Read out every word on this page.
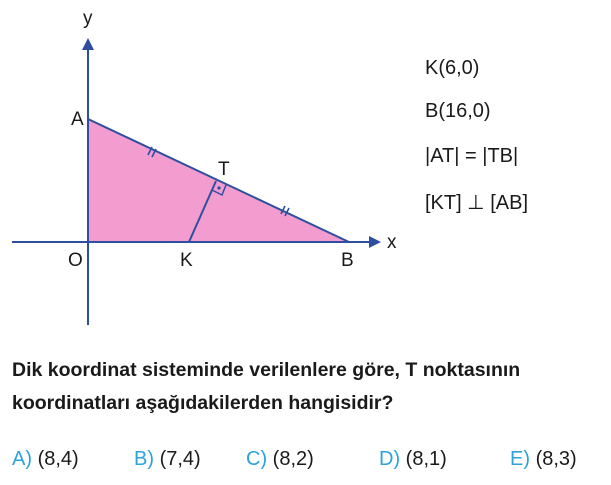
y
x
A
T
O	K	B
K(6,0)
B(16,0)
|AT| = |TB|
[KT] ⊥ [AB]
Dik koordinat sisteminde verilenlere göre, T noktasının
koordinatları aşağıdakilerden hangisidir?
A) (8,4)	B) (7,4) C) (8,2)	D) (8,1)	E) (8,3)
